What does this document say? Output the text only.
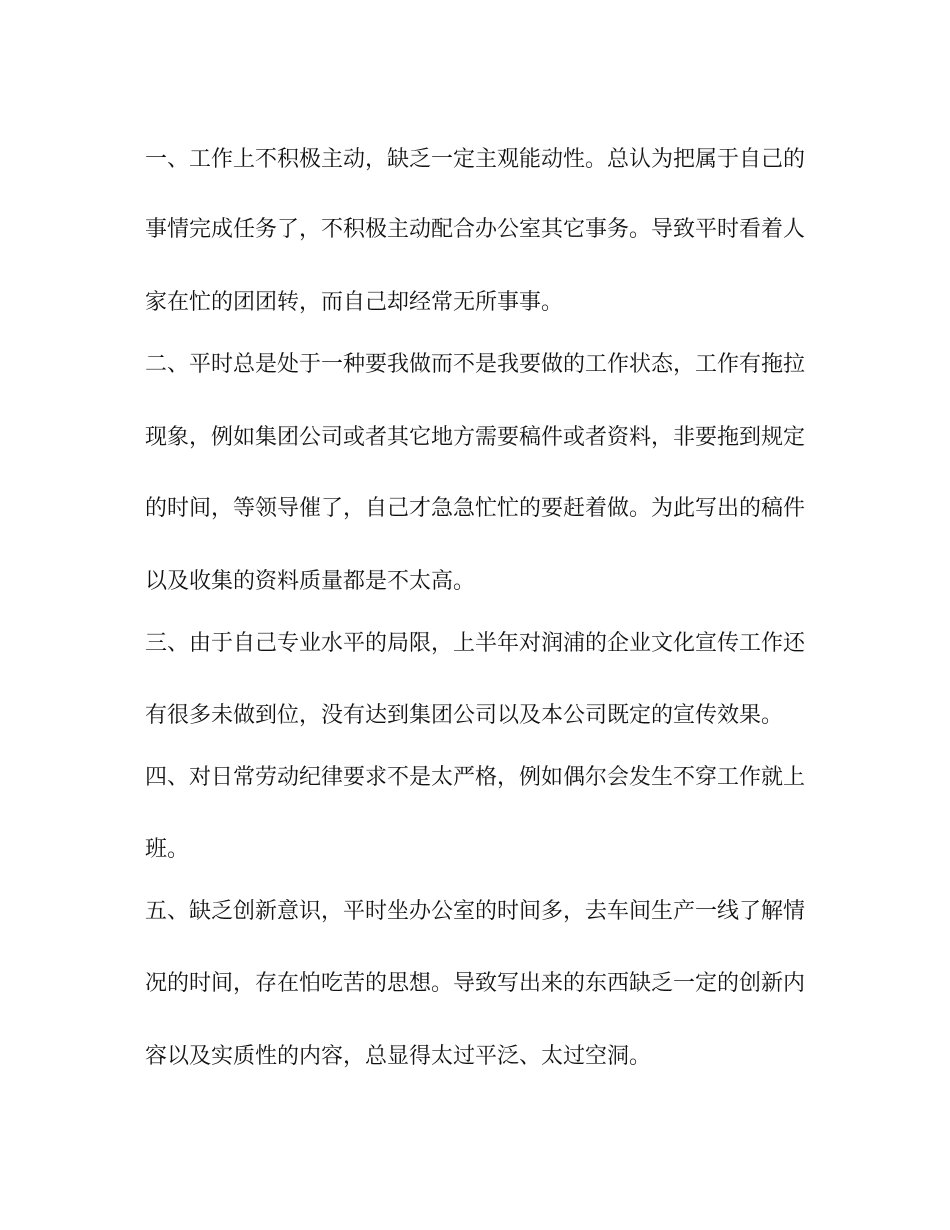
一、工作上不积极主动，缺乏一定主观能动性。总认为把属于自己的
事情完成任务了，不积极主动配合办公室其它事务。导致平时看着人
家在忙的团团转，而自己却经常无所事事。
二、平时总是处于一种要我做而不是我要做的工作状态，工作有拖拉
现象，例如集团公司或者其它地方需要稿件或者资料，非要拖到规定
的时间，等领导催了，自己才急急忙忙的要赶着做。为此写出的稿件
以及收集的资料质量都是不太高。
三、由于自己专业水平的局限，上半年对润浦的企业文化宣传工作还
有很多未做到位，没有达到集团公司以及本公司既定的宣传效果。
四、对日常劳动纪律要求不是太严格，例如偶尔会发生不穿工作就上
班。
五、缺乏创新意识，平时坐办公室的时间多，去车间生产一线了解情
况的时间，存在怕吃苦的思想。导致写出来的东西缺乏一定的创新内
容以及实质性的内容，总显得太过平泛、太过空洞。
